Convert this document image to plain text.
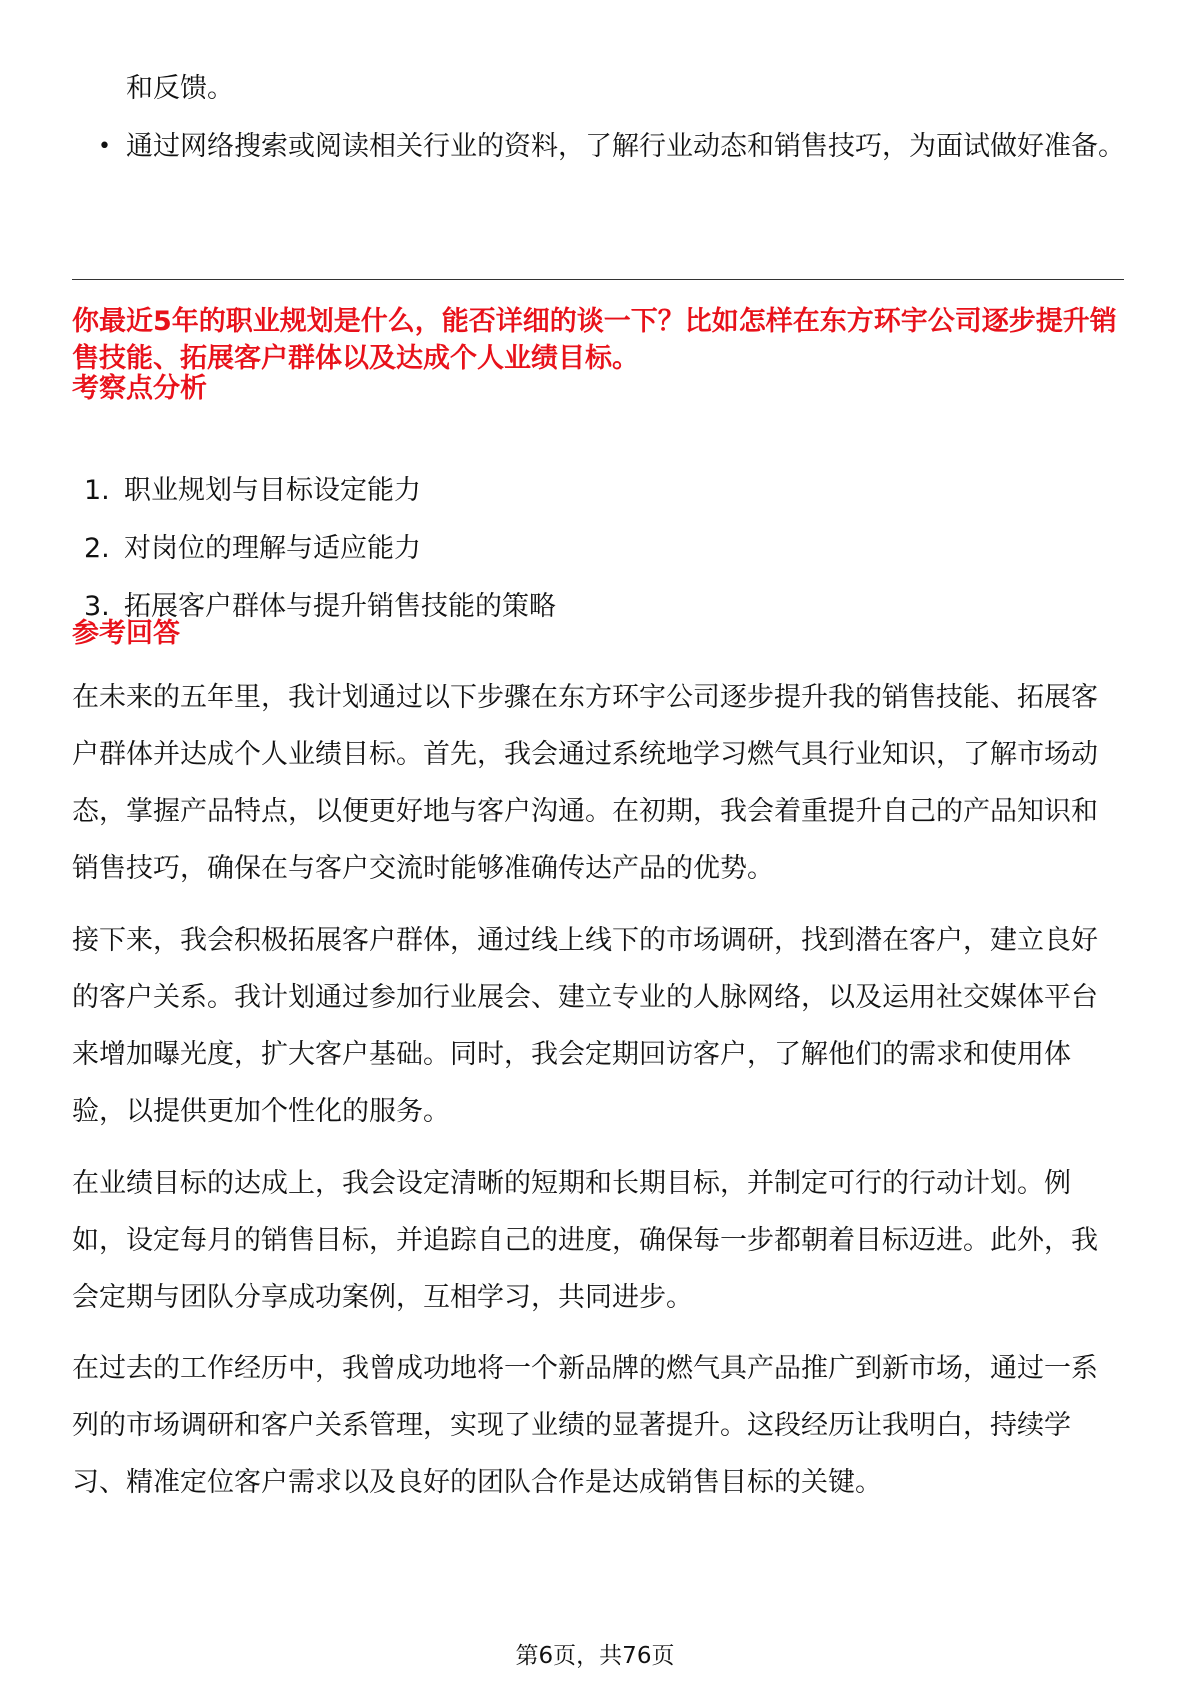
和反馈。
• 通过网络搜索或阅读相关行业的资料，了解行业动态和销售技巧，为面试做好准备。
你最近5年的职业规划是什么，能否详细的谈一下？比如怎样在东方环宇公司逐步提升销售技能、拓展客户群体以及达成个人业绩目标。
考察点分析
1. 职业规划与目标设定能力
2. 对岗位的理解与适应能力
3. 拓展客户群体与提升销售技能的策略
参考回答
在未来的五年里，我计划通过以下步骤在东方环宇公司逐步提升我的销售技能、拓展客户群体并达成个人业绩目标。首先，我会通过系统地学习燃气具行业知识，了解市场动态，掌握产品特点，以便更好地与客户沟通。在初期，我会着重提升自己的产品知识和销售技巧，确保在与客户交流时能够准确传达产品的优势。
接下来，我会积极拓展客户群体，通过线上线下的市场调研，找到潜在客户，建立良好的客户关系。我计划通过参加行业展会、建立专业的人脉网络，以及运用社交媒体平台来增加曝光度，扩大客户基础。同时，我会定期回访客户，了解他们的需求和使用体验，以提供更加个性化的服务。
在业绩目标的达成上，我会设定清晰的短期和长期目标，并制定可行的行动计划。例如，设定每月的销售目标，并追踪自己的进度，确保每一步都朝着目标迈进。此外，我会定期与团队分享成功案例，互相学习，共同进步。
在过去的工作经历中，我曾成功地将一个新品牌的燃气具产品推广到新市场，通过一系列的市场调研和客户关系管理，实现了业绩的显著提升。这段经历让我明白，持续学习、精准定位客户需求以及良好的团队合作是达成销售目标的关键。
第6页，共76页
